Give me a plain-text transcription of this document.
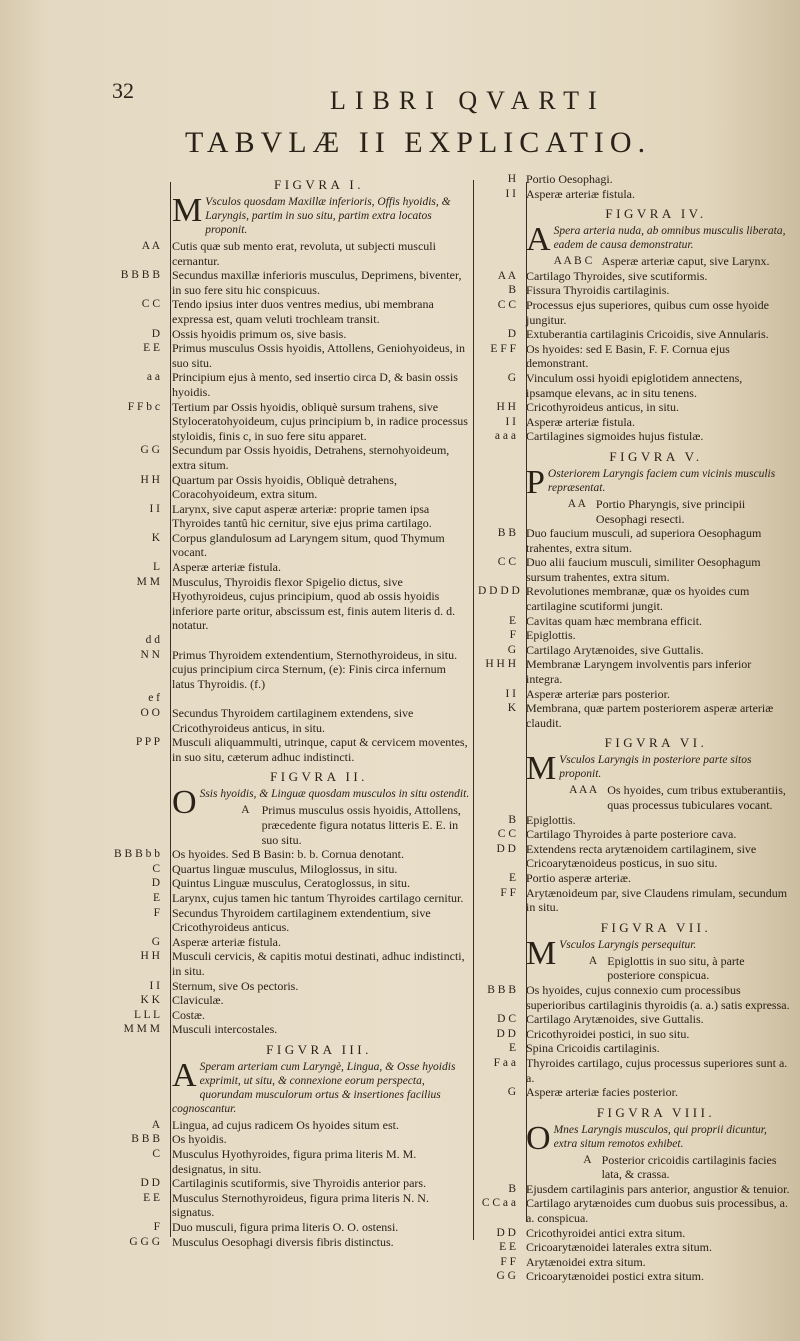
32	LIBRI QVARTI
TABVLÆ II EXPLICATIO.
FIGVRA I.
M Vsculos quosdam Maxillæ inferioris, Offis hyoidis, & Laryngis, partim in suo situ, partim extra locatos proponit.
A A	Cutis quæ sub mento erat, revoluta, ut subjecti musculi cernantur.
B B B B	Secundus maxillæ inferioris musculus, Deprimens, biventer, in suo fere situ hic conspicuus.
C C	Tendo ipsius inter duos ventres medius, ubi membrana expressa est, quam veluti trochleam transit.
D	Ossis hyoidis primum os, sive basis.
E E	Primus musculus Ossis hyoidis, Attollens, Geniohyoideus, in suo situ.
a a	Principium ejus à mento, sed insertio circa D, & basin ossis hyoidis.
F F b c	Tertium par Ossis hyoidis, obliquè sursum trahens, sive Styloceratohyoideum, cujus principium b, in radice processus styloidis, finis c, in suo fere situ apparet.
G G	Secundum par Ossis hyoidis, Detrahens, sternohyoideum, extra situm.
H H	Quartum par Ossis hyoidis, Obliquè detrahens, Coracohyoideum, extra situm.
I I	Larynx, sive caput asperæ arteriæ: proprie tamen ipsa Thyroides tantû hic cernitur, sive ejus prima cartilago.
K	Corpus glandulosum ad Laryngem situm, quod Thymum vocant.
L	Asperæ arteriæ fistula.
M M	Musculus, Thyroidis flexor Spigelio dictus, sive Hyothyroideus, cujus principium, quod ab ossis hyoidis inferiore parte oritur, abscissum est, finis autem literis d. d. notatur.
d d
N N	Primus Thyroidem extendentium, Sternothyroideus, in situ. cujus principium circa Sternum, (e): Finis circa infernum latus Thyroidis. (f.)
e f
O O	Secundus Thyroidem cartilaginem extendens, sive Cricothyroideus anticus, in situ.
P P P	Musculi aliquammulti, utrinque, caput & cervicem moventes, in suo situ, cæterum adhuc indistincti.
FIGVRA II.
O Ssis hyoidis, & Linguæ quosdam musculos in situ ostendit.
A	Primus musculus ossis hyoidis, Attollens, præcedente figura notatus litteris E. E. in suo situ.
B B B b b	Os hyoides. Sed B Basin: b. b. Cornua denotant.
C	Quartus linguæ musculus, Miloglossus, in situ.
D	Quintus Linguæ musculus, Ceratoglossus, in situ.
E	Larynx, cujus tamen hic tantum Thyroides cartilago cernitur.
F	Secundus Thyroidem cartilaginem extendentium, sive Cricothyroideus anticus.
G	Asperæ arteriæ fistula.
H H	Musculi cervicis, & capitis motui destinati, adhuc indistincti, in situ.
I I	Sternum, sive Os pectoris.
K K	Claviculæ.
L L L	Costæ.
M M M	Musculi intercostales.
FIGVRA III.
A Speram arteriam cum Laryngè, Lingua, & Osse hyoidis exprimit, ut situ, & connexione eorum perspecta, quorundam musculorum ortus & insertiones facilius cognoscantur.
A	Lingua, ad cujus radicem Os hyoides situm est.
B B B	Os hyoidis.
C	Musculus Hyothyroides, figura prima literis M. M. designatus, in situ.
D D	Cartilaginis scutiformis, sive Thyroidis anterior pars.
E E	Musculus Sternothyroideus, figura prima literis N. N. signatus.
F	Duo musculi, figura prima literis O. O. ostensi.
G G G	Musculus Oesophagi diversis fibris distinctus.
H Portio Oesophagi.
I I Asperæ arteriæ fistula.
FIGVRA IV.
A Spera arteria nuda, ab omnibus musculis liberata, eadem de causa demonstratur.
A A B C Asperæ arteriæ caput, sive Larynx.
A A Cartilago Thyroides, sive scutiformis.
B Fissura Thyroidis cartilaginis.
C C Processus ejus superiores, quibus cum osse hyoide jungitur.
D Extuberantia cartilaginis Cricoidis, sive Annularis.
E F F Os hyoides: sed E Basin, F. F. Cornua ejus demonstrant.
G Vinculum ossi hyoidi epiglotidem annectens, ipsamque elevans, ac in situ tenens.
H H Cricothyroideus anticus, in situ.
I I Asperæ arteriæ fistula.
a a a Cartilagines sigmoides hujus fistulæ.
FIGVRA V.
P Osteriorem Laryngis faciem cum vicinis musculis repræsentat.
A A Portio Pharyngis, sive principii Oesophagi resecti.
B B Duo faucium musculi, ad superiora Oesophagum trahentes, extra situm.
C C Duo alii faucium musculi, similiter Oesophagum sursum trahentes, extra situm.
D D D D Revolutiones membranæ, quæ os hyoides cum cartilagine scutiformi jungit.
E Cavitas quam hæc membrana efficit.
F Epiglottis.
G Cartilago Arytænoides, sive Guttalis.
H H H Membranæ Laryngem involventis pars inferior integra.
I I Asperæ arteriæ pars posterior.
K Membrana, quæ partem posteriorem asperæ arteriæ claudit.
FIGVRA VI.
M Vsculos Laryngis in posteriore parte sitos proponit.
A A A Os hyoides, cum tribus extuberantiis, quas processus tubiculares vocant.
B Epiglottis.
C C Cartilago Thyroides à parte posteriore cava.
D D Extendens recta arytænoidem cartilaginem, sive Cricoarytænoideus posticus, in suo situ.
E Portio asperæ arteriæ.
F F Arytænoideum par, sive Claudens rimulam, secundum in situ.
FIGVRA VII.
M Vsculos Laryngis persequitur.
A Epiglottis in suo situ, à parte posteriore conspicua.
B B B Os hyoides, cujus connexio cum processibus superioribus cartilaginis thyroidis (a. a.) satis expressa.
D C Cartilago Arytænoides, sive Guttalis.
D D Cricothyroidei postici, in suo situ.
E Spina Cricoidis cartilaginis.
F a a Thyroides cartilago, cujus processus superiores sunt a. a.
G Asperæ arteriæ facies posterior.
FIGVRA VIII.
O Mnes Laryngis musculos, qui proprii dicuntur, extra situm remotos exhibet.
A Posterior cricoidis cartilaginis facies lata, & crassa.
B Ejusdem cartilaginis pars anterior, angustior & tenuior.
C C a a Cartilago arytænoides cum duobus suis processibus, a. a. conspicua.
D D Cricothyroidei antici extra situm.
E E Cricoarytænoidei laterales extra situm.
F F Arytænoidei extra situm.
G G Cricoarytænoidei postici extra situm.
